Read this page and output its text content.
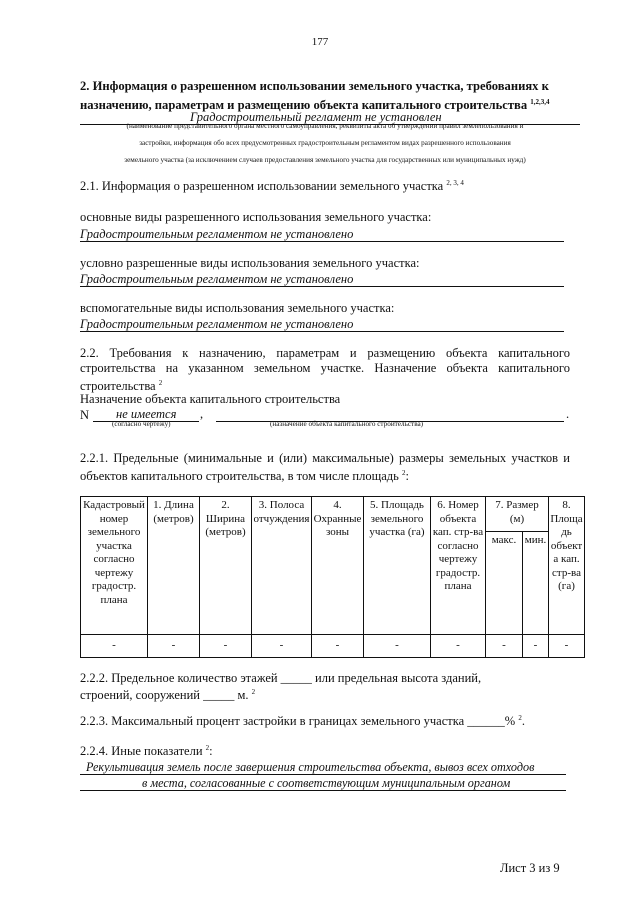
177
2. Информация о разрешенном использовании земельного участка, требованиях к назначению, параметрам и размещению объекта капитального строительства $^{1,2,3,4}$
Градостроительный регламент не установлен
(наименование представительного органа местного самоуправления, реквизиты акта об утверждении правил землепользования и
застройки, информация обо всех предусмотренных градостроительным регламентом видах разрешенного использования
земельного участка (за исключением случаев предоставления земельного участка для государственных или муниципальных нужд)
2.1. Информация о разрешенном использовании земельного участка $^{2, 3, 4}$
основные виды разрешенного использования земельного участка:
Градостроительным регламентом не установлено
условно разрешенные виды использования земельного участка:
Градостроительным регламентом не установлено
вспомогательные виды использования земельного участка:
Градостроительным регламентом не установлено
2.2. Требования к назначению, параметрам и размещению объекта капитального строительства на указанном земельном участке. Назначение объекта капитального строительства $^2$
Назначение объекта капитального строительства
N не имеется ,	.
(согласно чертежу)	(назначение объекта капитального строительства)
2.2.1. Предельные (минимальные и (или) максимальные) размеры земельных участков и объектов капитального строительства, в том числе площадь $^2$:
Кадастровый номер земельного участка согласно чертежу градостр. плана	1. Длина (метров)	2. Ширина (метров)	3. Полоса отчуждения	4. Охранные зоны	5. Площадь земельного участка (га)	6. Номер объекта кап. стр-ва согласно чертежу градостр. плана	7. Размер (м)		8. Площадь объекта кап. стр-ва (га)
							макс.	мин.	
-	-	-	-	-	-	-	-	-	-
2.2.2. Предельное количество этажей _____ или предельная высота зданий,
строений, сооружений _____ м. $^2$
2.2.3. Максимальный процент застройки в границах земельного участка ______% $^2$.
2.2.4. Иные показатели $^2$:
Рекультивация земель после завершения строительства объекта, вывоз всех отходов
в места, согласованные с соответствующим муниципальным органом
Лист 3 из 9
